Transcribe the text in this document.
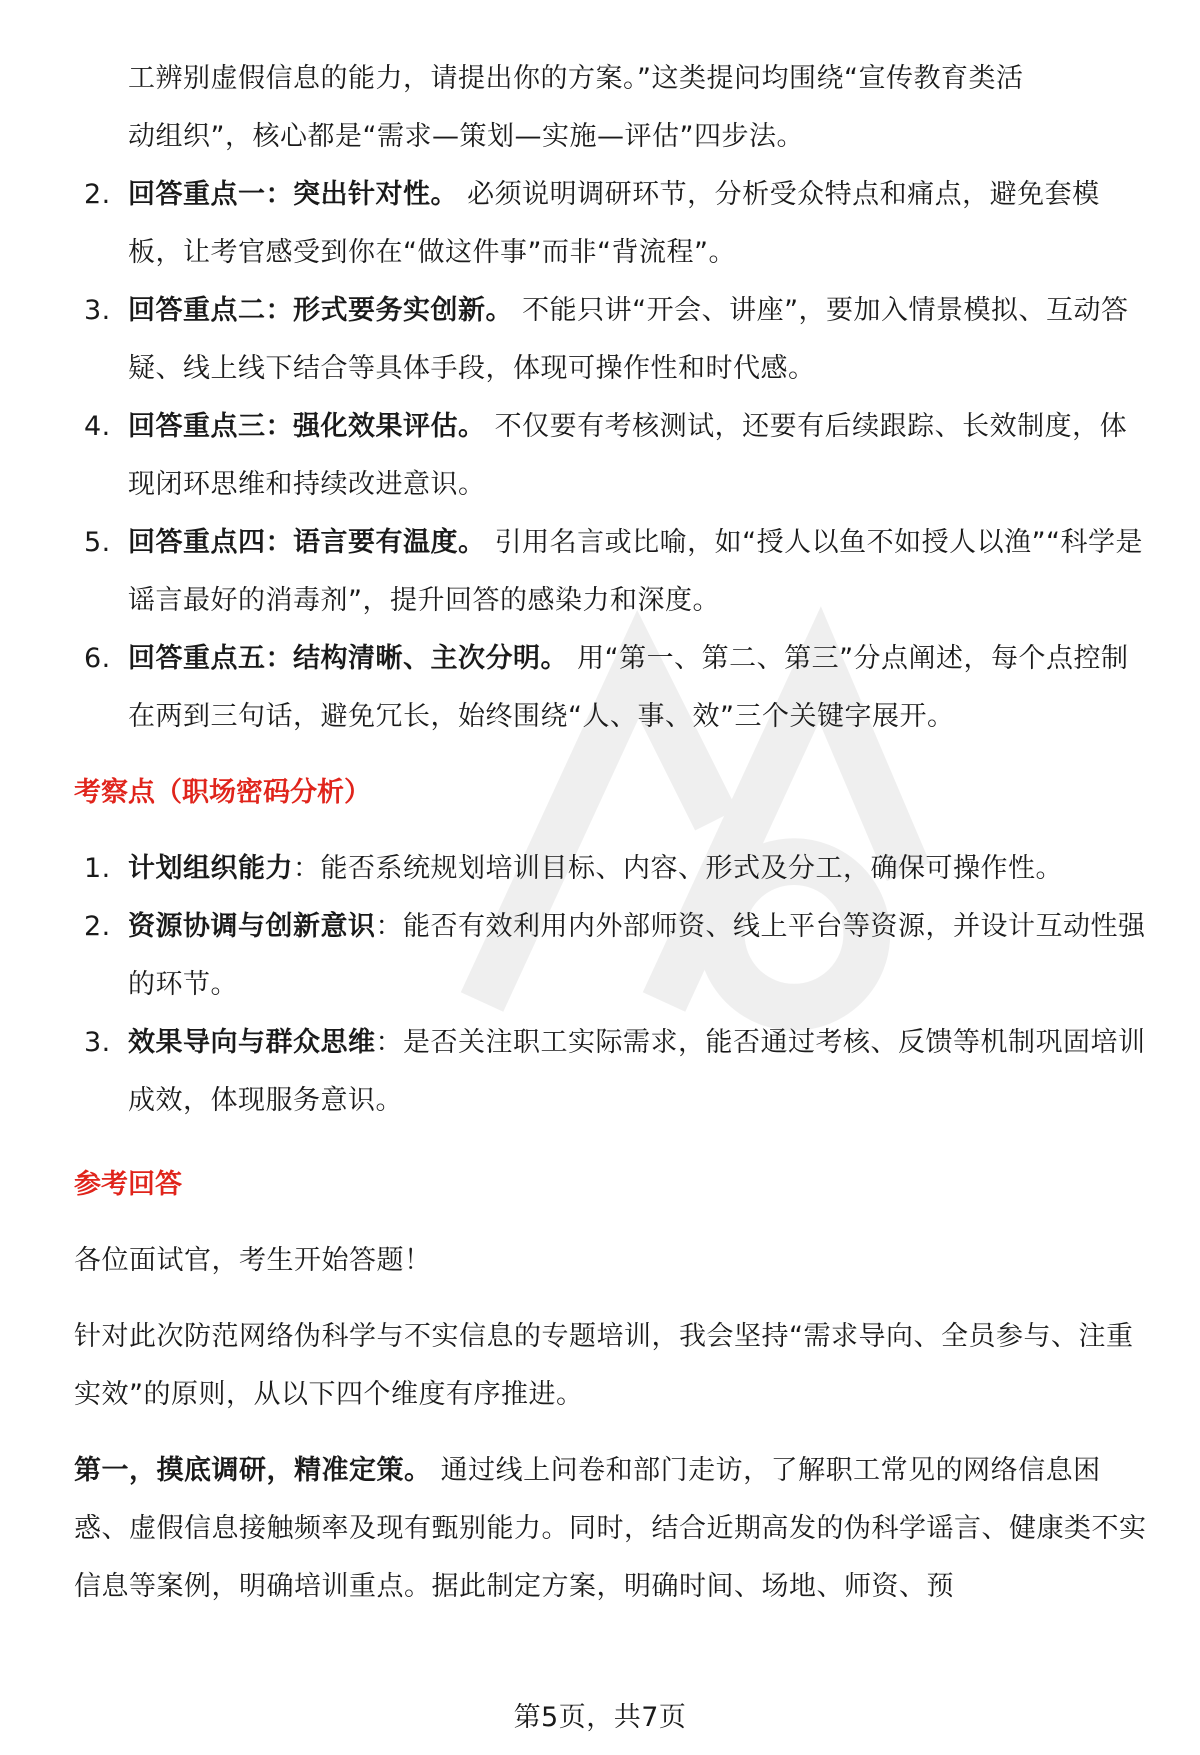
工辨别虚假信息的能力，请提出你的方案。”这类提问均围绕“宣传教育类活

动组织”，核心都是“需求—策划—实施—评估”四步法。

2. 回答重点一：突出针对性。 必须说明调研环节，分析受众特点和痛点，避免套模板，让考官感受到你在“做这件事”而非“背流程”。
3. 回答重点二：形式要务实创新。 不能只讲“开会、讲座”，要加入情景模拟、互动答疑、线上线下结合等具体手段，体现可操作性和时代感。
4. 回答重点三：强化效果评估。 不仅要有考核测试，还要有后续跟踪、长效制度，体现闭环思维和持续改进意识。
5. 回答重点四：语言要有温度。 引用名言或比喻，如“授人以鱼不如授人以渔”“科学是谣言最好的消毒剂”，提升回答的感染力和深度。
6. 回答重点五：结构清晰、主次分明。 用“第一、第二、第三”分点阐述，每个点控制在两到三句话，避免冗长，始终围绕“人、事、效”三个关键字展开。

考察点（职场密码分析）

1. 计划组织能力：能否系统规划培训目标、内容、形式及分工，确保可操作性。
2. 资源协调与创新意识：能否有效利用内外部师资、线上平台等资源，并设计互动性强的环节。
3. 效果导向与群众思维：是否关注职工实际需求，能否通过考核、反馈等机制巩固培训成效，体现服务意识。

参考回答

各位面试官，考生开始答题！

针对此次防范网络伪科学与不实信息的专题培训，我会坚持“需求导向、全员参与、注重实效”的原则，从以下四个维度有序推进。

第一，摸底调研，精准定策。 通过线上问卷和部门走访，了解职工常见的网络信息困惑、虚假信息接触频率及现有甄别能力。同时，结合近期高发的伪科学谣言、健康类不实信息等案例，明确培训重点。据此制定方案，明确时间、场地、师资、预

第5页，共7页
